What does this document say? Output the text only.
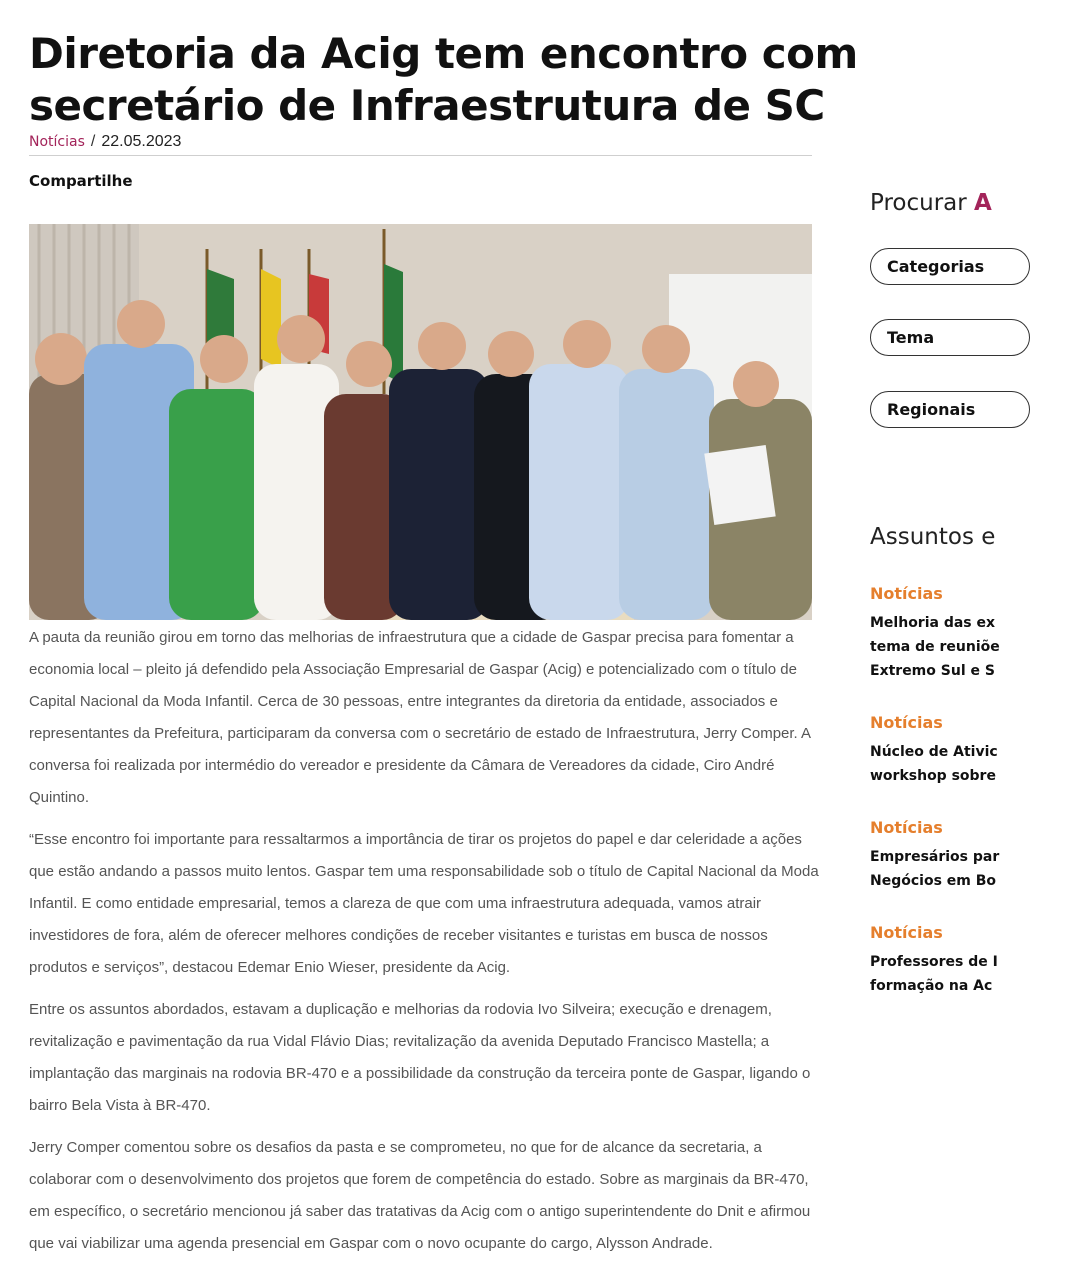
Diretoria da Acig tem encontro com secretário de Infraestrutura de SC
Notícias / 22.05.2023
Compartilhe

A pauta da reunião girou em torno das melhorias de infraestrutura que a cidade de Gaspar precisa para fomentar a economia local – pleito já defendido pela Associação Empresarial de Gaspar (Acig) e potencializado com o título de Capital Nacional da Moda Infantil. Cerca de 30 pessoas, entre integrantes da diretoria da entidade, associados e representantes da Prefeitura, participaram da conversa com o secretário de estado de Infraestrutura, Jerry Comper. A conversa foi realizada por intermédio do vereador e presidente da Câmara de Vereadores da cidade, Ciro André Quintino.

“Esse encontro foi importante para ressaltarmos a importância de tirar os projetos do papel e dar celeridade a ações que estão andando a passos muito lentos. Gaspar tem uma responsabilidade sob o título de Capital Nacional da Moda Infantil. E como entidade empresarial, temos a clareza de que com uma infraestrutura adequada, vamos atrair investidores de fora, além de oferecer melhores condições de receber visitantes e turistas em busca de nossos produtos e serviços”, destacou Edemar Enio Wieser, presidente da Acig.

Entre os assuntos abordados, estavam a duplicação e melhorias da rodovia Ivo Silveira; execução e drenagem, revitalização e pavimentação da rua Vidal Flávio Dias; revitalização da avenida Deputado Francisco Mastella; a implantação das marginais na rodovia BR-470 e a possibilidade da construção da terceira ponte de Gaspar, ligando o bairro Bela Vista à BR-470.

Jerry Comper comentou sobre os desafios da pasta e se comprometeu, no que for de alcance da secretaria, a colaborar com o desenvolvimento dos projetos que forem de competência do estado. Sobre as marginais da BR-470, em específico, o secretário mencionou já saber das tratativas da Acig com o antigo superintendente do Dnit e afirmou que vai viabilizar uma agenda presencial em Gaspar com o novo ocupante do cargo, Alysson Andrade.

Procurar A
Categorias
Tema
Regionais
Assuntos e
Notícias
Melhoria das ex
tema de reuniõe
Extremo Sul e S
Notícias
Núcleo de Ativic
workshop sobre
Notícias
Empresários par
Negócios em Bo
Notícias
Professores de I
formação na Ac
